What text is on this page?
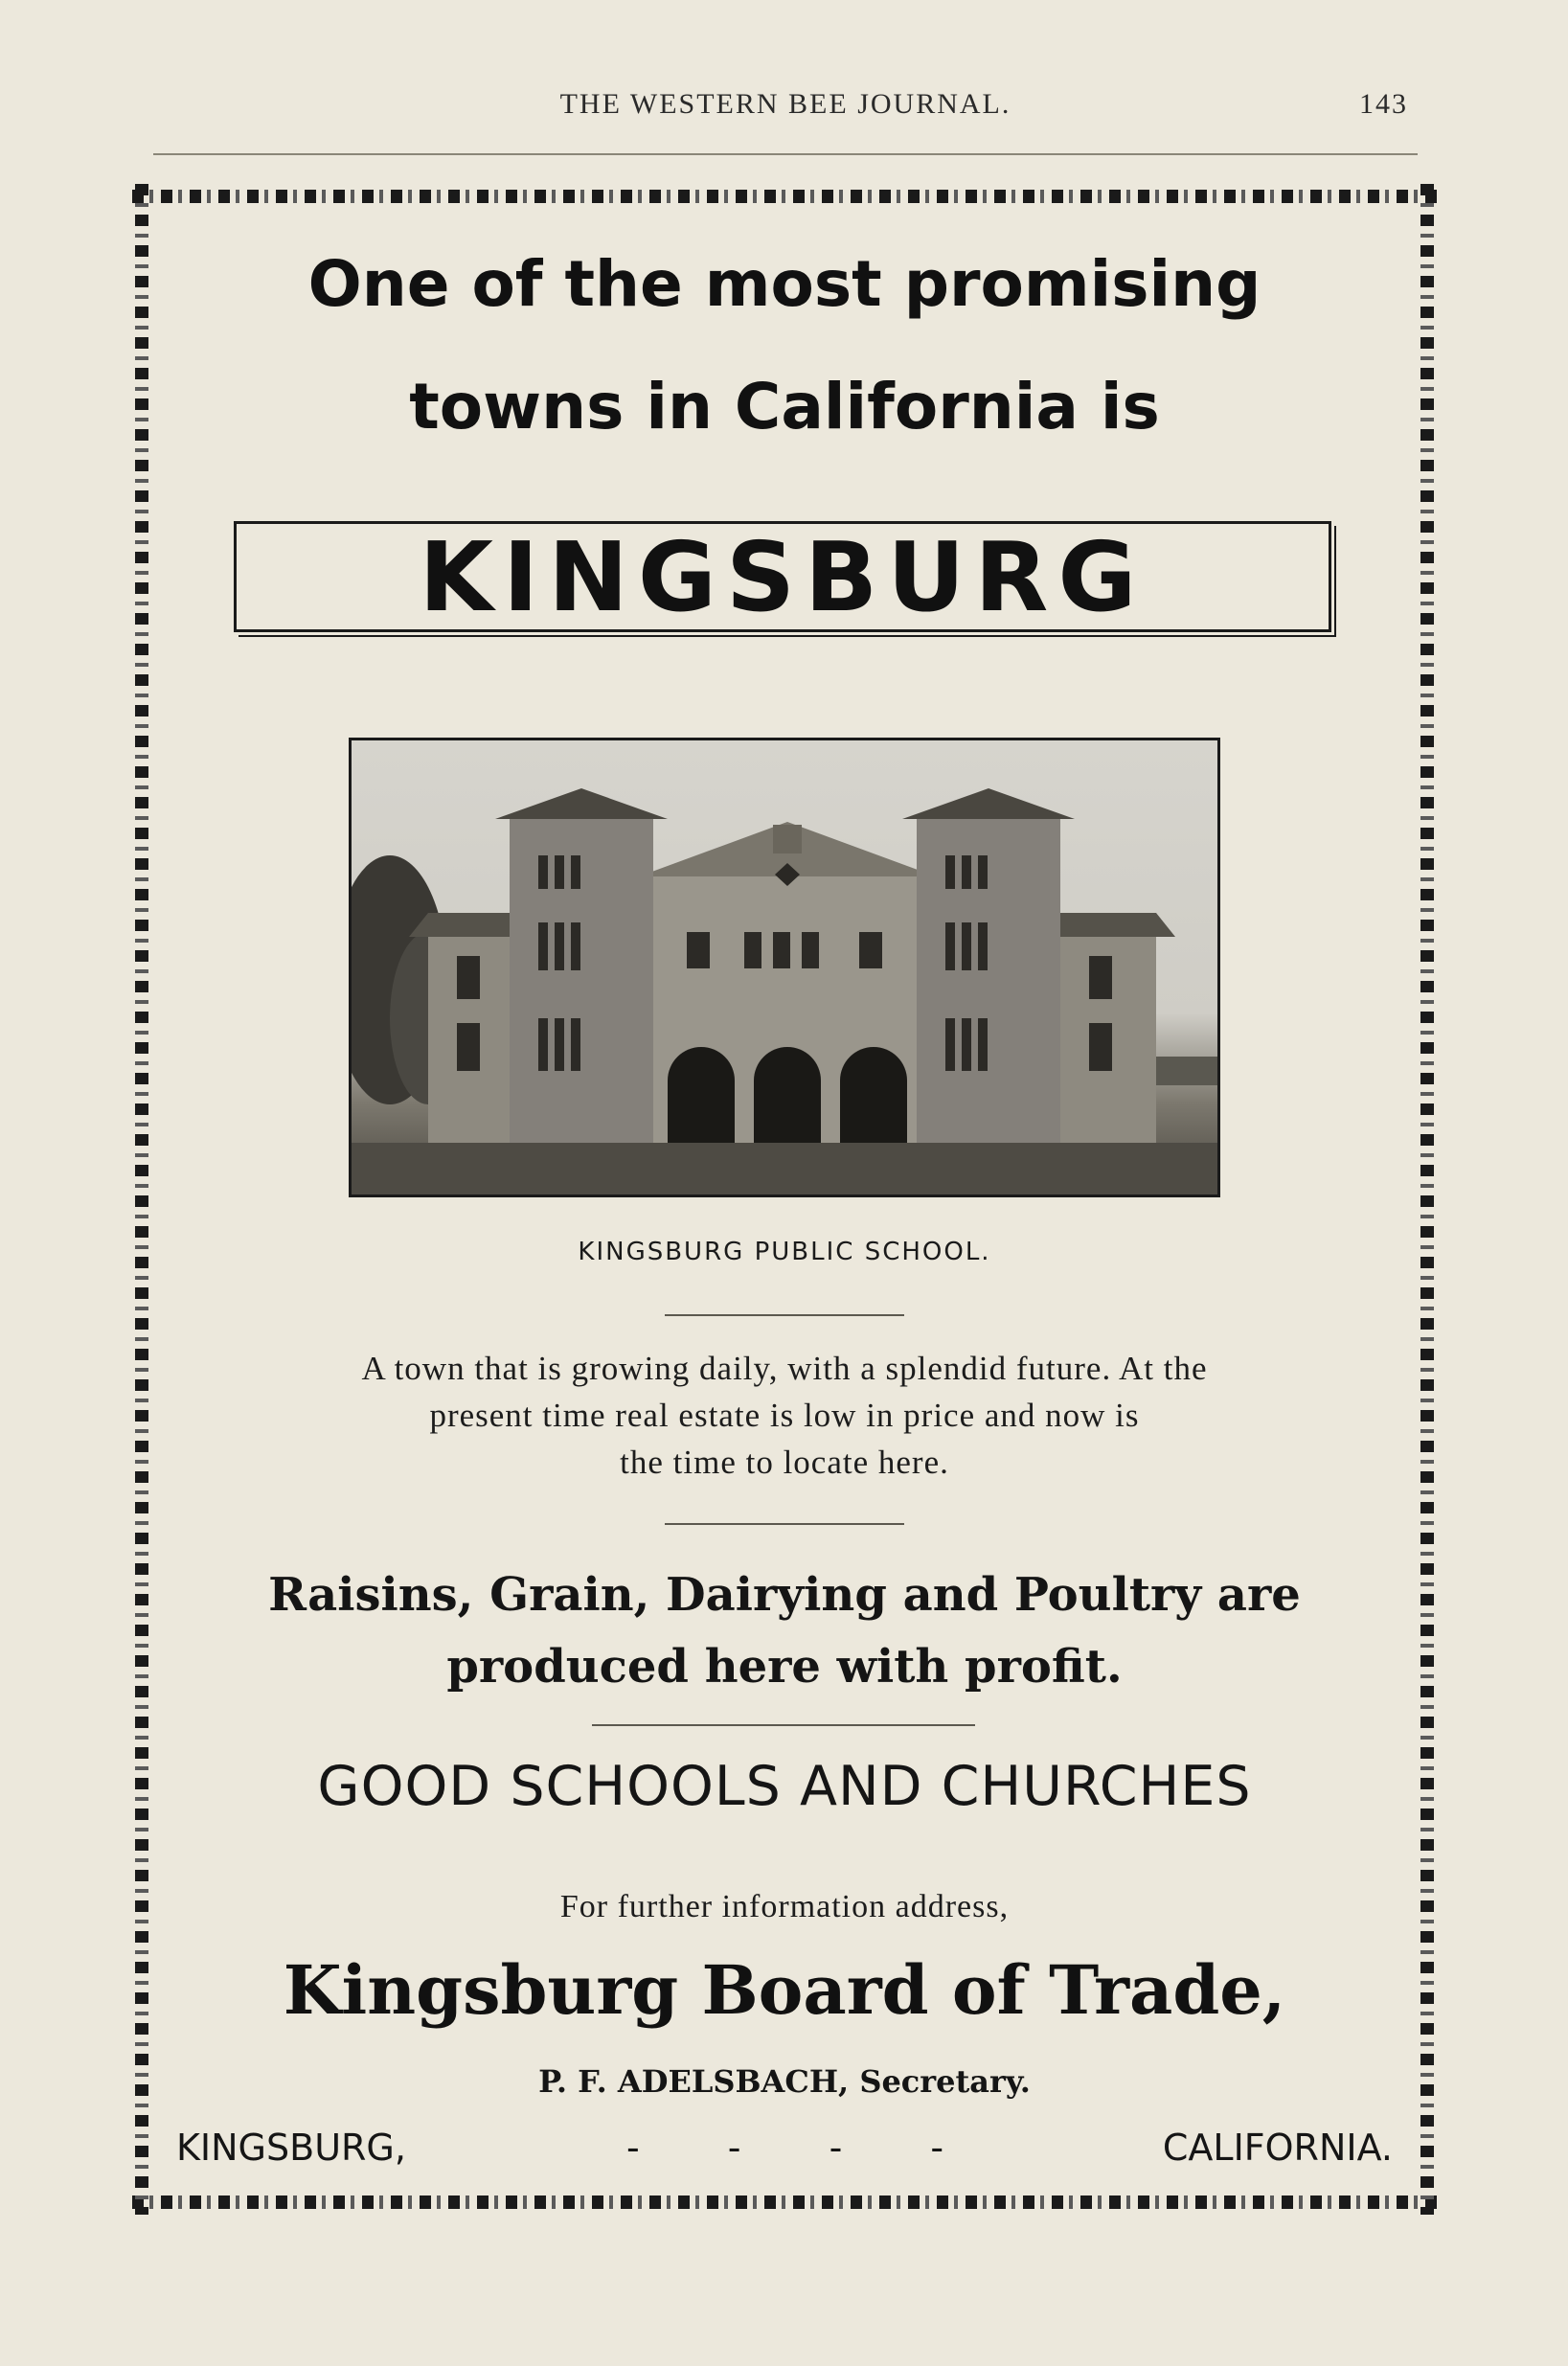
THE WESTERN BEE JOURNAL.	143
One of the most promising
towns in California is
KINGSBURG
KINGSBURG PUBLIC SCHOOL.
A town that is growing daily, with a splendid future. At the
present time real estate is low in price and now is
the time to locate here.
Raisins, Grain, Dairying and Poultry are
produced here with profit.
GOOD SCHOOLS AND CHURCHES
For further information address,
Kingsburg Board of Trade,
P. F. ADELSBACH, Secretary.
KINGSBURG,	- - - -	CALIFORNIA.
